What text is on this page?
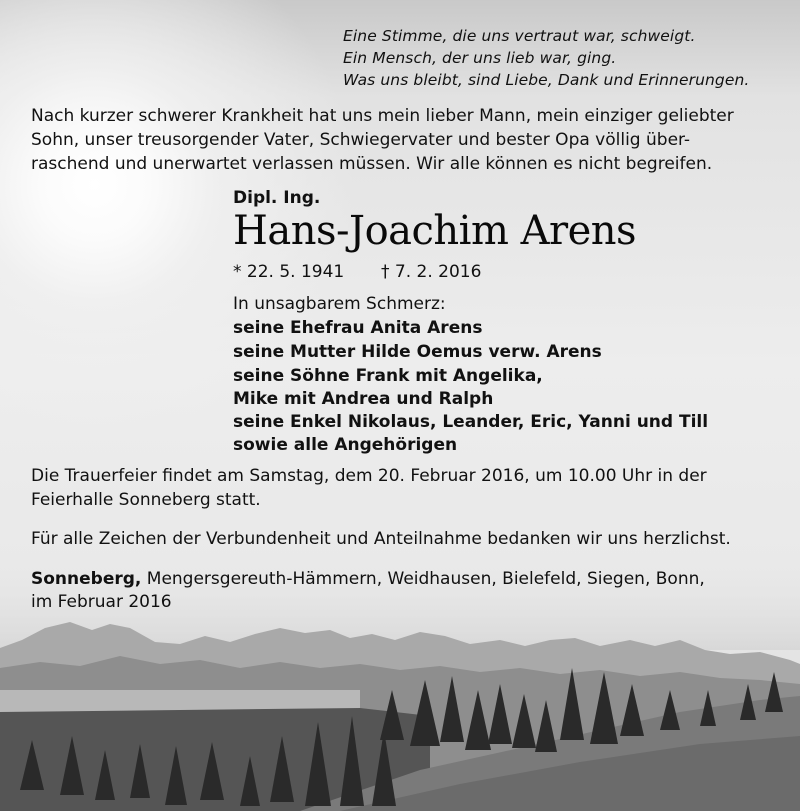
Eine Stimme, die uns vertraut war, schweigt.
Ein Mensch, der uns lieb war, ging.
Was uns bleibt, sind Liebe, Dank und Erinnerungen.
Nach kurzer schwerer Krankheit hat uns mein lieber Mann, mein einziger geliebter
Sohn, unser treusorgender Vater, Schwiegervater und bester Opa völlig über-
raschend und unerwartet verlassen müssen. Wir alle können es nicht begreifen.
Dipl. Ing.
Hans-Joachim Arens
* 22. 5. 1941 † 7. 2. 2016
In unsagbarem Schmerz:
seine Ehefrau Anita Arens
seine Mutter Hilde Oemus verw. Arens
seine Söhne Frank mit Angelika,
Mike mit Andrea und Ralph
seine Enkel Nikolaus, Leander, Eric, Yanni und Till
sowie alle Angehörigen
Die Trauerfeier findet am Samstag, dem 20. Februar 2016, um 10.00 Uhr in der
Feierhalle Sonneberg statt.
Für alle Zeichen der Verbundenheit und Anteilnahme bedanken wir uns herzlichst.
Sonneberg, Mengersgereuth-Hämmern, Weidhausen, Bielefeld, Siegen, Bonn,
im Februar 2016
